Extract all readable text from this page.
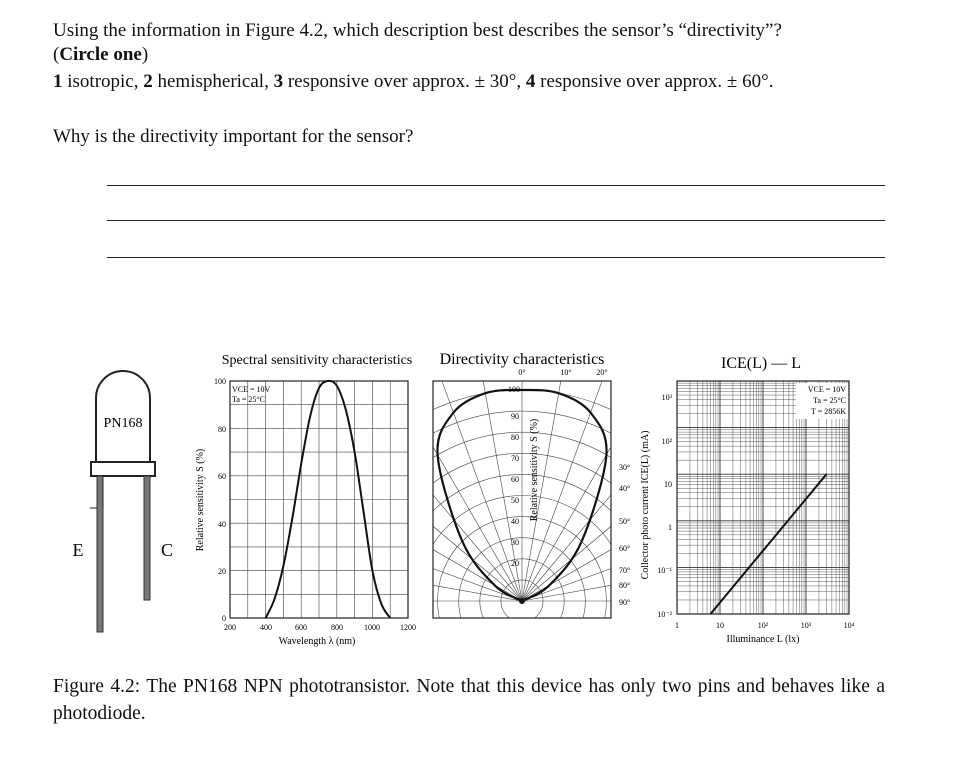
Using the information in Figure 4.2, which description best describes the sensor’s “directivity”?
(Circle one)
1 isotropic, 2 hemispherical, 3 responsive over approx. ± 30°, 4 responsive over approx. ± 60°.
Why is the directivity important for the sensor?
PN168
E	C
Spectral sensitivity characteristics
VCE = 10V
Ta = 25°C
100
80
60
40
20
0
200	400	600	800	1000	1200
Wavelength λ (nm)
Relative sensitivity S (%)
Directivity characteristics
0°	10°	20°
100
90
80
70
60
50
40
30
20
Relative sensitivity S (%)	30°
40°
50°
60°
70°
80°
90°
ICE(L) — L
VCE = 10V
Ta = 25°C
T = 2856K
10³
10²
10
1
10⁻¹
10⁻²
1	10	10²	10³	10⁴
Illuminance L (lx)
Collector photo current ICE(L) (mA)
Figure 4.2: The PN168 NPN phototransistor. Note that this device has only two pins and behaves like a photodiode.
